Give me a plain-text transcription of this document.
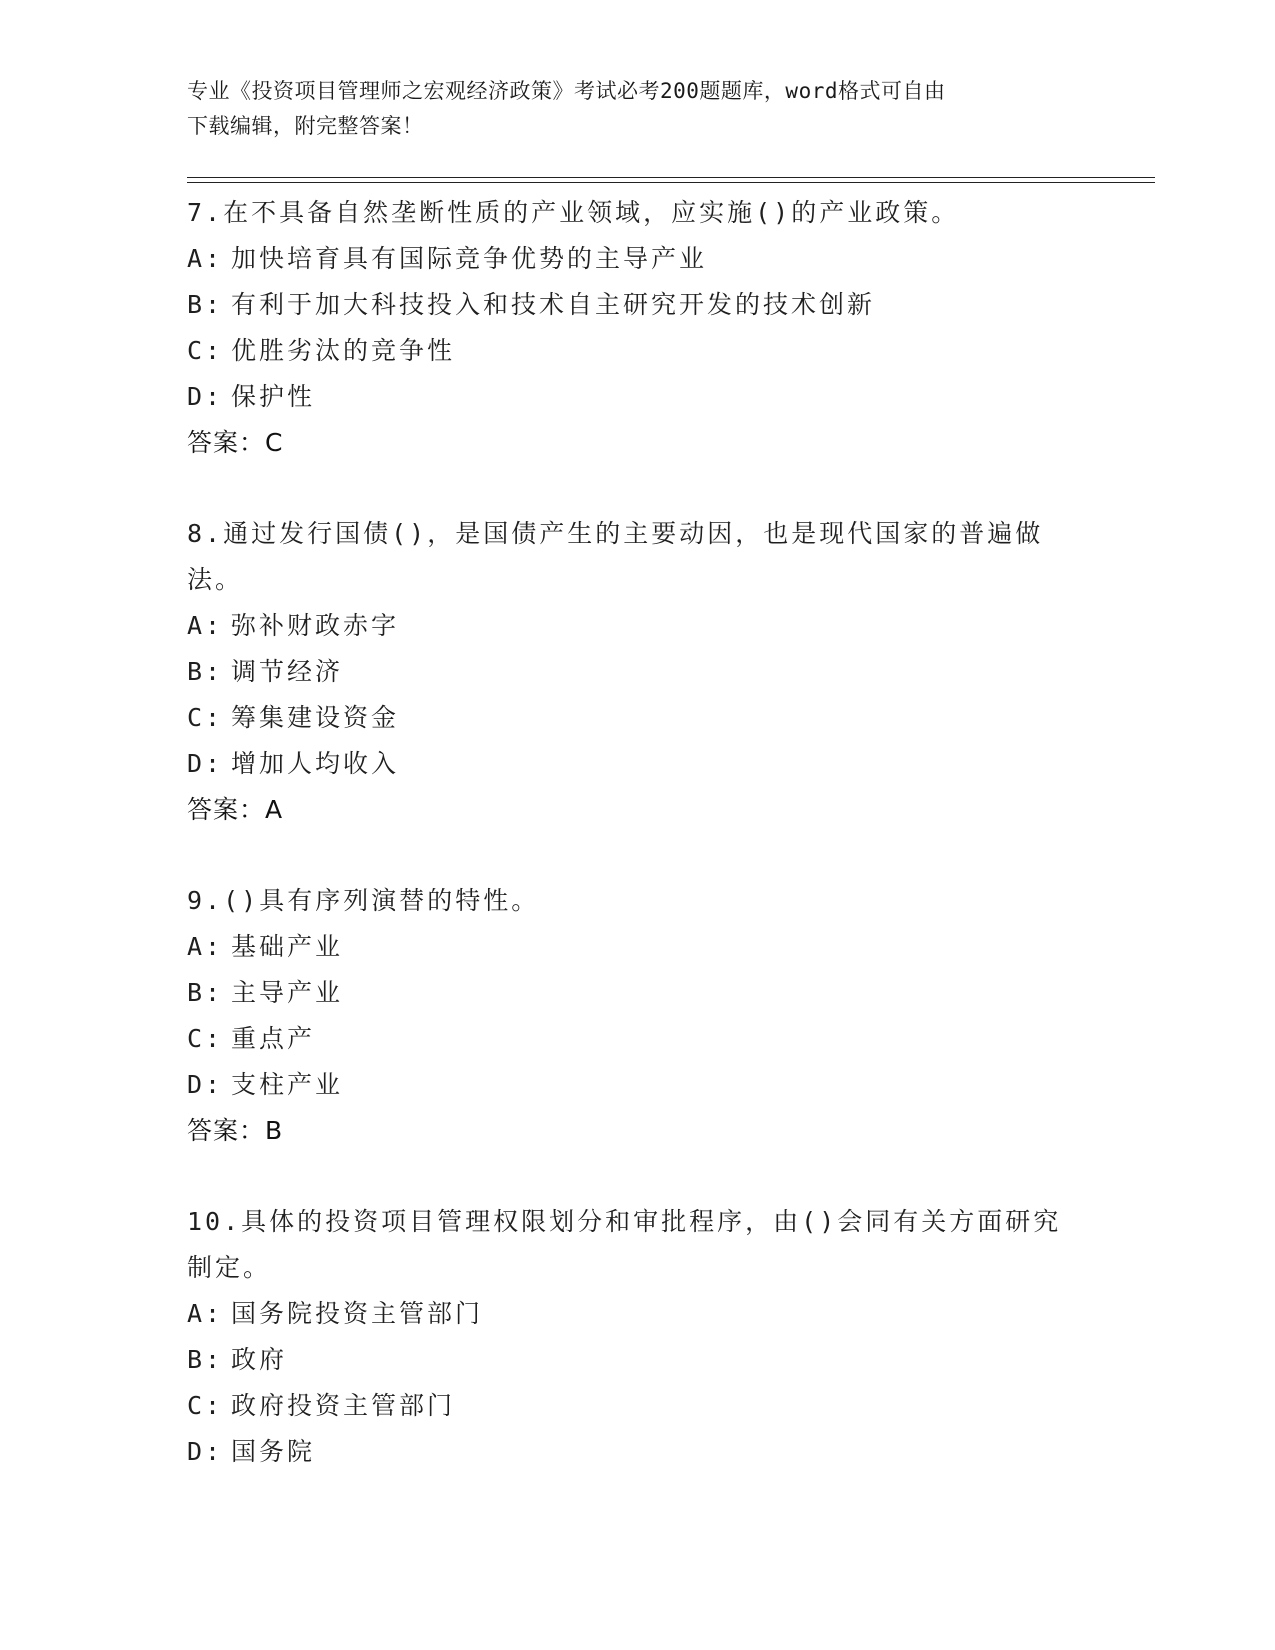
专业《投资项目管理师之宏观经济政策》考试必考200题题库，word格式可自由
下载编辑，附完整答案！
7.在不具备自然垄断性质的产业领域，应实施()的产业政策。
A: 加快培育具有国际竞争优势的主导产业
B: 有利于加大科技投入和技术自主研究开发的技术创新
C: 优胜劣汰的竞争性
D: 保护性
答案：C
8.通过发行国债()，是国债产生的主要动因，也是现代国家的普遍做
法。
A: 弥补财政赤字
B: 调节经济
C: 筹集建设资金
D: 增加人均收入
答案：A
9.()具有序列演替的特性。
A: 基础产业
B: 主导产业
C: 重点产
D: 支柱产业
答案：B
10.具体的投资项目管理权限划分和审批程序，由()会同有关方面研究
制定。
A: 国务院投资主管部门
B: 政府
C: 政府投资主管部门
D: 国务院
